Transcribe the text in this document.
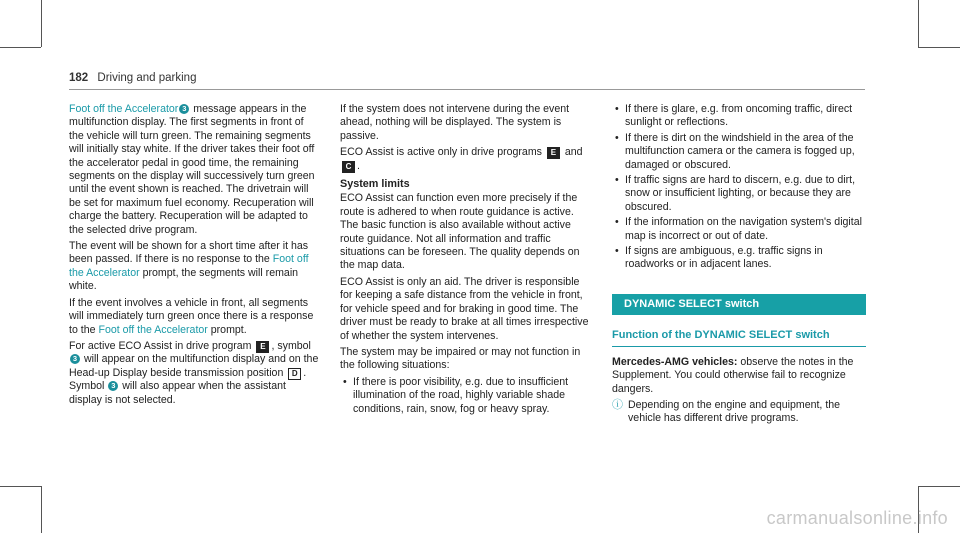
182 Driving and parking

Foot off the Accelerator 3 message appears in the multifunction display. The first segments in front of the vehicle will turn green. The remaining segments will initially stay white. If the driver takes their foot off the accelerator pedal in good time, the remaining segments on the display will successively turn green until the event shown is reached. The drivetrain will be set for maximum fuel economy. Recuperation will charge the battery. Recuperation will be adapted to the selected drive program.

The event will be shown for a short time after it has been passed. If there is no response to the Foot off the Accelerator prompt, the segments will remain white.

If the event involves a vehicle in front, all segments will immediately turn green once there is a response to the Foot off the Accelerator prompt.

For active ECO Assist in drive program E , symbol 3 will appear on the multifunction display and on the Head-up Display beside transmission position D . Symbol 3 will also appear when the assistant display is not selected.

If the system does not intervene during the event ahead, nothing will be displayed. The system is passive.

ECO Assist is active only in drive programs E and C .

System limits

ECO Assist can function even more precisely if the route is adhered to when route guidance is active. The basic function is also available without active route guidance. Not all information and traffic situations can be foreseen. The quality depends on the map data.

ECO Assist is only an aid. The driver is responsible for keeping a safe distance from the vehicle in front, for vehicle speed and for braking in good time. The driver must be ready to brake at all times irrespective of whether the system intervenes.

The system may be impaired or may not function in the following situations:

• If there is poor visibility, e.g. due to insufficient illumination of the road, highly variable shade conditions, rain, snow, fog or heavy spray.
• If there is glare, e.g. from oncoming traffic, direct sunlight or reflections.
• If there is dirt on the windshield in the area of the multifunction camera or the camera is fogged up, damaged or obscured.
• If traffic signs are hard to discern, e.g. due to dirt, snow or insufficient lighting, or because they are obscured.
• If the information on the navigation system's digital map is incorrect or out of date.
• If signs are ambiguous, e.g. traffic signs in roadworks or in adjacent lanes.
DYNAMIC SELECT switch
Function of the DYNAMIC SELECT switch

Mercedes-AMG vehicles: observe the notes in the Supplement. You could otherwise fail to recognize dangers.

ⓘ Depending on the engine and equipment, the vehicle has different drive programs.
carmanualsonline.info
